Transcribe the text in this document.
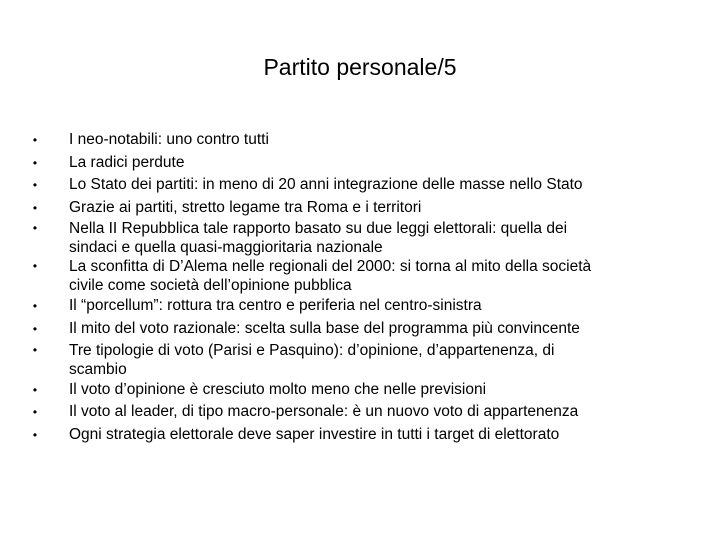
Partito personale/5
• I neo-notabili: uno contro tutti
• La radici perdute
• Lo Stato dei partiti: in meno di 20 anni integrazione delle masse nello Stato
• Grazie ai partiti, stretto legame tra Roma e i territori
• Nella II Repubblica tale rapporto basato su due leggi elettorali: quella dei
sindaci e quella quasi-maggioritaria nazionale
• La sconfitta di D’Alema nelle regionali del 2000: si torna al mito della società
civile come società dell’opinione pubblica
• Il “porcellum”: rottura tra centro e periferia nel centro-sinistra
• Il mito del voto razionale: scelta sulla base del programma più convincente
• Tre tipologie di voto (Parisi e Pasquino): d’opinione, d’appartenenza, di
scambio
• Il voto d’opinione è cresciuto molto meno che nelle previsioni
• Il voto al leader, di tipo macro-personale: è un nuovo voto di appartenenza
• Ogni strategia elettorale deve saper investire in tutti i target di elettorato
